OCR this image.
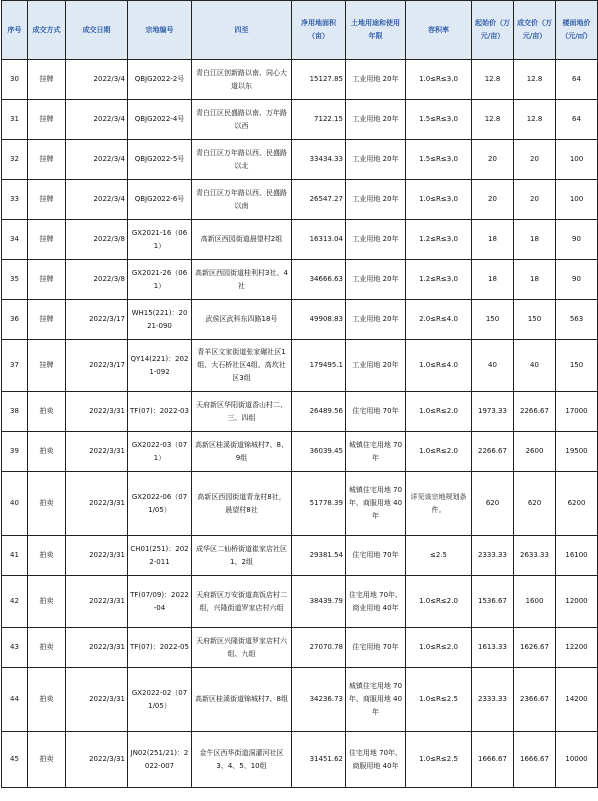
序号	成交方式	成交日期	宗地编号	四至	净用地面积（亩）	土地用途和使用年限	容积率	起始价（万元/亩）	成交价（万元/亩）	楼面地价（元/㎡）
30	挂牌	2022/3/4	QBJG2022-2号	青白江区创新路以南、同心大道以东	15127.85	工业用地 20年	1.0≤R≤3.0	12.8	12.8	64
31	挂牌	2022/3/4	QBJG2022-4号	青白江区民盛路以南、万年路以西	7122.15	工业用地 20年	1.5≤R≤3.0	12.8	12.8	64
32	挂牌	2022/3/4	QBJG2022-5号	青白江区万年路以西、民盛路以北	33434.33	工业用地 20年	1.5≤R≤3.0	20	20	100
33	挂牌	2022/3/4	QBJG2022-6号	青白江区万年路以西、民盛路以南	26547.27	工业用地 20年	1.0≤R≤3.0	20	20	100
34	挂牌	2022/3/8	GX2021-16（061）	高新区西园街道晨望村2组	16313.04	工业用地 20年	1.2≤R≤3.0	18	18	90
35	挂牌	2022/3/8	GX2021-26（061）	高新区西园街道桂利村3社、4社	34666.63	工业用地 20年	1.2≤R≤3.0	18	18	90
36	挂牌	2022/3/17	WH15(221)：2021-090	武侯区武科东四路18号	49908.83	工业用地 20年	2.0≤R≤4.0	150	150	563
37	挂牌	2022/3/17	QY14(221)：2021-092	青羊区文家街道张家碾社区1组、大石桥社区4组、高坎社区3组	179495.1	工业用地 20年	1.0≤R≤4.0	40	40	150
38	拍卖	2022/3/31	TF(07)：2022-03	天府新区华阳街道香山村二、三、四组	26489.56	住宅用地 70年	1.0≤R≤2.0	1973.33	2266.67	17000
39	拍卖	2022/3/31	GX2022-03（071）	高新区桂溪街道锦城村7、8、9组	36039.45	城镇住宅用地 70年	1.0≤R≤2.0	2266.67	2600	19500
40	拍卖	2022/3/31	GX2022-06（071/05）	高新区西园街道青龙村8社，晨望村8社	51778.39	城镇住宅用地 70年、商服用地 40年	详见该宗地规划条件。	620	620	6200
41	拍卖	2022/3/31	CH01(251)：2022-011	成华区二仙桥街道崔家店社区1、2组	29381.54	住宅用地 70年	≤2.5	2333.33	2633.33	16100
42	拍卖	2022/3/31	TF(07/09)：2022-04	天府新区万安街道高饭店村二组，兴隆街道罗家店村六组	38439.79	住宅用地 70年、商业用地 40年	1.0≤R≤2.0	1536.67	1600	12000
43	拍卖	2022/3/31	TF(07)：2022-05	天府新区兴隆街道罗家店村六组、九组	27070.78	住宅用地 70年	1.0≤R≤2.0	1613.33	1626.67	12200
44	拍卖	2022/3/31	GX2022-02（071/05）	高新区桂溪街道锦城村7、8组	34236.73	城镇住宅用地 70年、商服用地 40年	1.0≤R≤2.5	2333.33	2366.67	14200
45	拍卖	2022/3/31	JN02(251/21)：2022-007	金牛区西华街道洞灌河社区3、4、5、10组	31451.62	住宅用地 70年、商服用地 40年	1.0≤R≤2.5	1666.67	1666.67	10000
